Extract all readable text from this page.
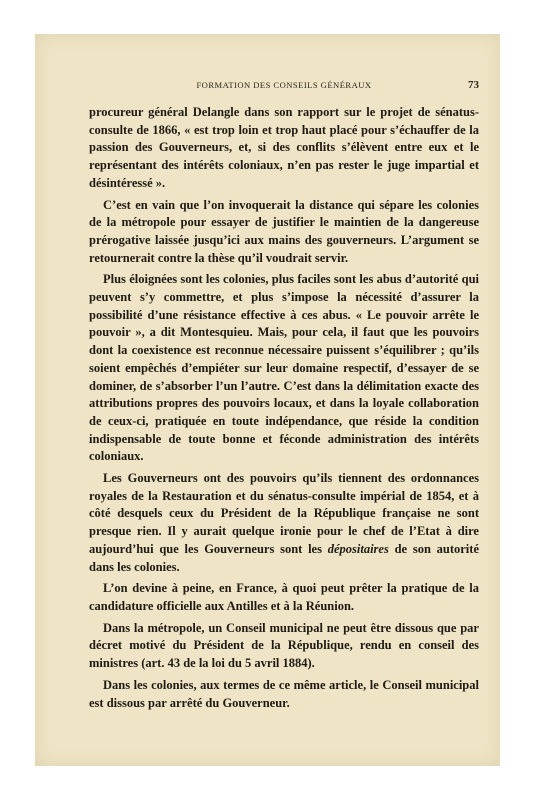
FORMATION DES CONSEILS GÉNÉRAUX	73

procureur général Delangle dans son rapport sur le projet de sénatus-consulte de 1866, « est trop loin et trop haut placé pour s’échauffer de la passion des Gouverneurs, et, si des conflits s’élèvent entre eux et le représentant des intérêts coloniaux, n’en pas rester le juge impartial et désintéressé ».

C’est en vain que l’on invoquerait la distance qui sépare les colonies de la métropole pour essayer de justifier le maintien de la dangereuse prérogative laissée jusqu’ici aux mains des gouverneurs. L’argument se retournerait contre la thèse qu’il voudrait servir.

Plus éloignées sont les colonies, plus faciles sont les abus d’autorité qui peuvent s’y commettre, et plus s’impose la nécessité d’assurer la possibilité d’une résistance effective à ces abus. « Le pouvoir arrête le pouvoir », a dit Montesquieu. Mais, pour cela, il faut que les pouvoirs dont la coexistence est reconnue nécessaire puissent s’équilibrer ; qu’ils soient empêchés d’empiéter sur leur domaine respectif, d’essayer de se dominer, de s’absorber l’un l’autre. C’est dans la délimitation exacte des attributions propres des pouvoirs locaux, et dans la loyale collaboration de ceux-ci, pratiquée en toute indépendance, que réside la condition indispensable de toute bonne et féconde administration des intérêts coloniaux.

Les Gouverneurs ont des pouvoirs qu’ils tiennent des ordonnances royales de la Restauration et du sénatus-consulte impérial de 1854, et à côté desquels ceux du Président de la République française ne sont presque rien. Il y aurait quelque ironie pour le chef de l’Etat à dire aujourd’hui que les Gouverneurs sont les dépositaires de son autorité dans les colonies.

L’on devine à peine, en France, à quoi peut prêter la pratique de la candidature officielle aux Antilles et à la Réunion.

Dans la métropole, un Conseil municipal ne peut être dissous que par décret motivé du Président de la République, rendu en conseil des ministres (art. 43 de la loi du 5 avril 1884).

Dans les colonies, aux termes de ce même article, le Conseil municipal est dissous par arrêté du Gouverneur.
